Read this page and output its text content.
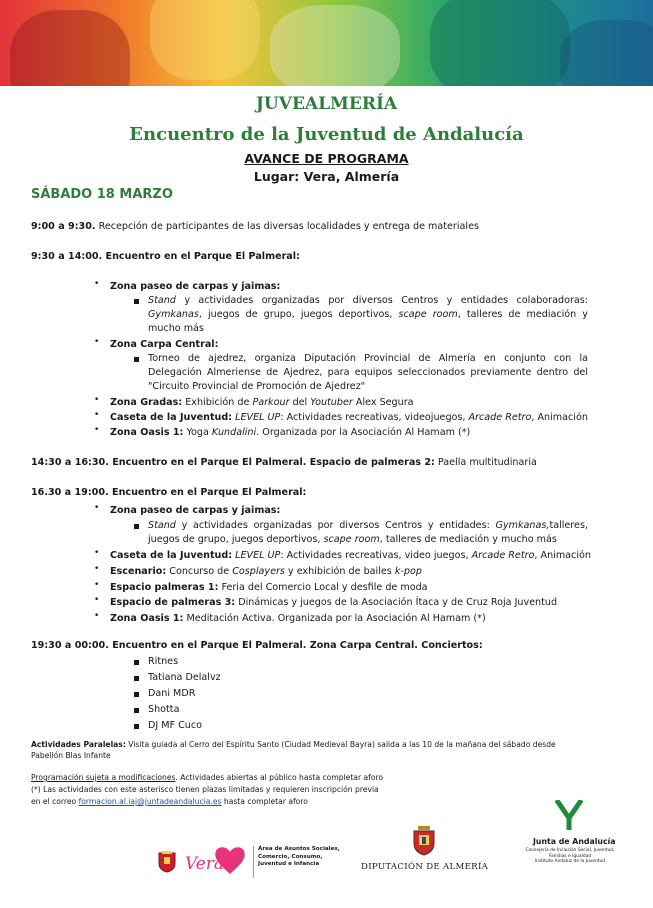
JUVEALMERÍA
Encuentro de la Juventud de Andalucía
AVANCE DE PROGRAMA
Lugar: Vera, Almería
SÁBADO 18 MARZO
9:00 a 9:30. Recepción de participantes de las diversas localidades y entrega de materiales
9:30 a 14:00. Encuentro en el Parque El Palmeral:
• Zona paseo de carpas y jaimas:
Stand y actividades organizadas por diversos Centros y entidades colaboradoras:
Gymkanas, juegos de grupo, juegos deportivos, scape room, talleres de mediación y
mucho más
• Zona Carpa Central:
Torneo de ajedrez, organiza Diputación Provincial de Almería en conjunto con la
Delegación Almeriense de Ajedrez, para equipos seleccionados previamente dentro del
"Circuito Provincial de Promoción de Ajedrez"
• Zona Gradas: Exhibición de Parkour del Youtuber Alex Segura
• Caseta de la Juventud: LEVEL UP: Actividades recreativas, videojuegos, Arcade Retro, Animación
• Zona Oasis 1: Yoga Kundalini. Organizada por la Asociación Al Hamam (*)
14:30 a 16:30. Encuentro en el Parque El Palmeral. Espacio de palmeras 2: Paella multitudinaria
16.30 a 19:00. Encuentro en el Parque El Palmeral:
• Zona paseo de carpas y jaimas:
Stand y actividades organizadas por diversos Centros y entidades: Gymkanas,talleres,
juegos de grupo, juegos deportivos, scape room, talleres de mediación y mucho más
• Caseta de la Juventud: LEVEL UP: Actividades recreativas, video juegos, Arcade Retro, Animación
• Escenario: Concurso de Cosplayers y exhibición de bailes k-pop
• Espacio palmeras 1: Feria del Comercio Local y desfile de moda
• Espacio de palmeras 3: Dinámicas y juegos de la Asociación Ítaca y de Cruz Roja Juventud
• Zona Oasis 1: Meditación Activa. Organizada por la Asociación Al Hamam (*)
19:30 a 00:00. Encuentro en el Parque El Palmeral. Zona Carpa Central. Conciertos:
Ritnes
Tatiana Delalvz
Dani MDR
Shotta
DJ MF Cuco
Actividades Paralelas: Visita guiada al Cerro del Espíritu Santo (Ciudad Medieval Bayra) salida a las 10 de la mañana del sábado desde
Pabellón Blas Infante
Programación sujeta a modificaciones. Actividades abiertas al público hasta completar aforo
(*) Las actividades con este asterisco tienen plazas limitadas y requieren inscripción previa
en el correo formacion.al.iaj@juntadeandalucia.es hasta completar aforo
Vera
Área de Asuntos Sociales,
Comercio, Consumo,
Juventud e Infancia	DIPUTACIÓN DE ALMERÍA
Junta de Andalucía
Consejería de Inclusión Social, Juventud,
Familias e Igualdad
Instituto Andaluz de la Juventud
